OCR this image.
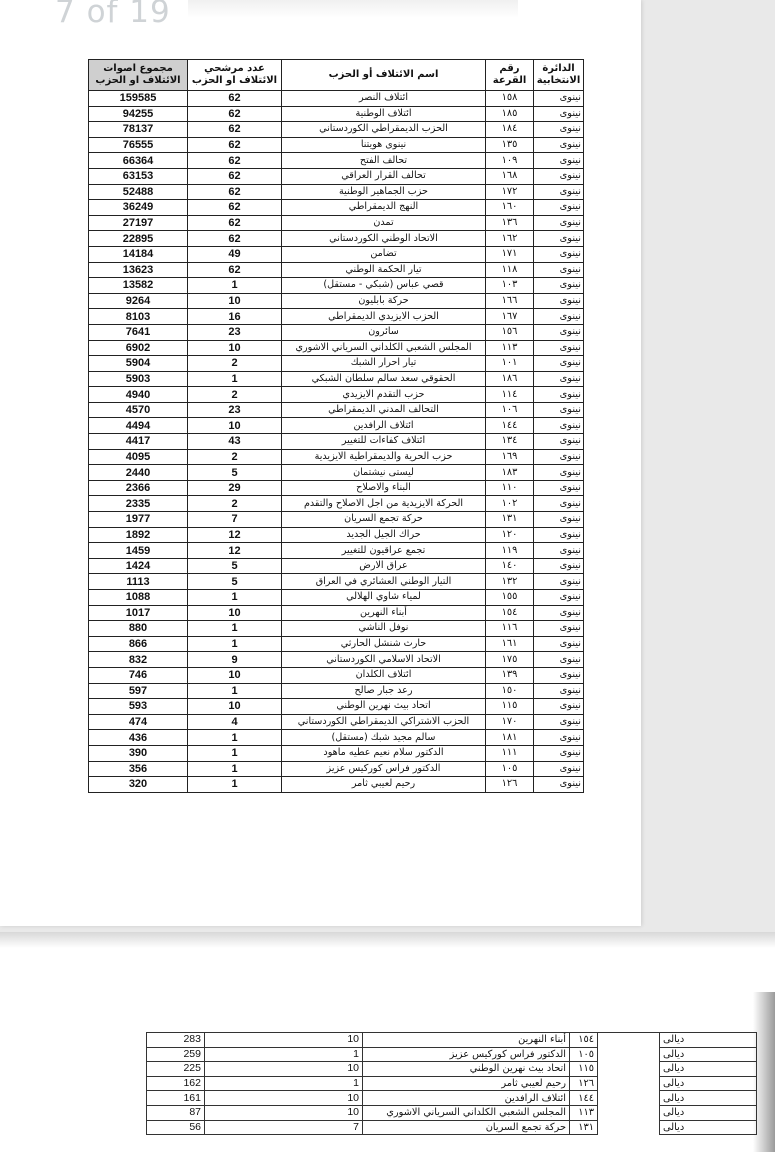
7 of 19
الدائرة الانتخابية	رقم القرعة	اسم الائتلاف أو الحزب	عدد مرشحي الائتلاف او الحزب	مجموع اصوات الائتلاف او الحزب
نينوى	١٥٨	ائتلاف النصر	62	159585
نينوى	١٨٥	ائتلاف الوطنية	62	94255
نينوى	١٨٤	الحزب الديمقراطي الكوردستاني	62	78137
نينوى	١٣٥	نينوى هويتنا	62	76555
نينوى	١٠٩	تحالف الفتح	62	66364
نينوى	١٦٨	تحالف القرار العراقي	62	63153
نينوى	١٧٢	حزب الجماهير الوطنية	62	52488
نينوى	١٦٠	النهج الديمقراطي	62	36249
نينوى	١٣٦	تمدن	62	27197
نينوى	١٦٢	الاتحاد الوطني الكوردستاني	62	22895
نينوى	١٧١	تضامن	49	14184
نينوى	١١٨	تيار الحكمة الوطني	62	13623
نينوى	١٠٣	قصي عباس (شبكي - مستقل)	1	13582
نينوى	١٦٦	حركة بابليون	10	9264
نينوى	١٦٧	الحزب الايزيدي الديمقراطي	16	8103
نينوى	١٥٦	سائرون	23	7641
نينوى	١١٣	المجلس الشعبي الكلداني السرياني الاشوري	10	6902
نينوى	١٠١	تيار احرار الشبك	2	5904
نينوى	١٨٦	الحقوقي سعد سالم سلطان الشبكي	1	5903
نينوى	١١٤	حزب التقدم الايزيدي	2	4940
نينوى	١٠٦	التحالف المدني الديمقراطي	23	4570
نينوى	١٤٤	ائتلاف الرافدين	10	4494
نينوى	١٣٤	ائتلاف كفاءات للتغيير	43	4417
نينوى	١٦٩	حزب الحرية والديمقراطية الايزيدية	2	4095
نينوى	١٨٣	ليستى نيشتمان	5	2440
نينوى	١١٠	البناء والاصلاح	29	2366
نينوى	١٠٢	الحركة الايزيدية من اجل الاصلاح والتقدم	2	2335
نينوى	١٣١	حركة تجمع السريان	7	1977
نينوى	١٢٠	حراك الجيل الجديد	12	1892
نينوى	١١٩	تجمع عراقيون للتغيير	12	1459
نينوى	١٤٠	عراق الارض	5	1424
نينوى	١٣٢	التيار الوطني العشائري في العراق	5	1113
نينوى	١٥٥	لمياء شاوي الهلالي	1	1088
نينوى	١٥٤	أبناء النهرين	10	1017
نينوى	١١٦	نوفل الناشي	1	880
نينوى	١٦١	حارث شنشل الحارثي	1	866
نينوى	١٧٥	الاتحاد الاسلامي الكوردستاني	9	832
نينوى	١٣٩	ائتلاف الكلدان	10	746
نينوى	١٥٠	رعد جبار صالح	1	597
نينوى	١١٥	اتحاد بيث نهرين الوطني	10	593
نينوى	١٧٠	الحزب الاشتراكي الديمقراطي الكوردستاني	4	474
نينوى	١٨١	سالم مجيد شبك (مستقل)	1	436
نينوى	١١١	الدكتور سلام نعيم عطيه ماهود	1	390
نينوى	١٠٥	الدكتور فراس كوركيس عزيز	1	356
نينوى	١٢٦	رحيم لعيبي ثامر	1	320
283	10	أبناء النهرين	١٥٤		ديالى
259	1	الدكتور فراس كوركيس عزيز	١٠٥		ديالى
225	10	اتحاد بيث نهرين الوطني	١١٥		ديالى
162	1	رحيم لعيبي ثامر	١٢٦		ديالى
161	10	ائتلاف الرافدين	١٤٤		ديالى
87	10	المجلس الشعبي الكلداني السرياني الاشوري	١١٣		ديالى
56	7	حركة تجمع السريان	١٣١		ديالى
